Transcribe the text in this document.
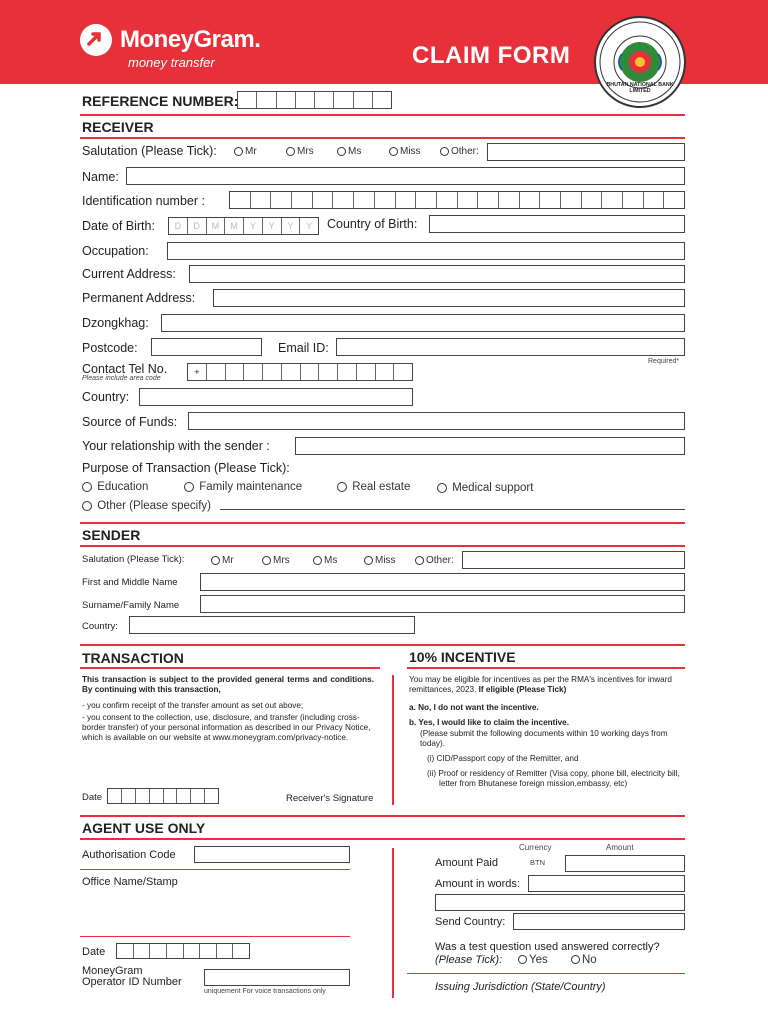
MoneyGram.
money transfer	CLAIM FORM
BHUTAN NATIONAL BANK LIMITED
REFERENCE NUMBER:
RECEIVER
Salutation (Please Tick):	Mr	Mrs	Ms	Miss	Other:
Name:
Identification number :
Date of Birth:	D	D	M	M	Y	Y	Y	Y	Country of Birth:
Occupation:
Current Address:
Permanent Address:
Dzongkhag:
Postcode:	Email ID:
Required*
Contact Tel No.
Please include area code
+
Country:
Source of Funds:
Your relationship with the sender :
Purpose of Transaction (Please Tick):
Education	Family maintenance	Real estate	Medical support
Other (Please specify)
SENDER
Salutation (Please Tick):	Mr	Mrs	Ms	Miss	Other:
First and Middle Name
Surname/Family Name
Country:
TRANSACTION
This transaction is subject to the provided general terms and conditions. By continuing with this transaction,
- you confirm receipt of the transfer amount as set out above;
- you consent to the collection, use, disclosure, and transfer (including cross-border transfer) of your personal information as described in our Privacy Notice, which is available on our website at www.moneygram.com/privacy-notice.
Date	Receiver's Signature
10% INCENTIVE
You may be eligible for incentives as per the RMA's incentives for inward remittances, 2023. If eligible (Please Tick)
a. No, I do not want the incentive.
b. Yes, I would like to claim the incentive.
(Please submit the following documents within 10 working days from today).
(i) CID/Passport copy of the Remitter, and
(ii) Proof or residency of Remitter (Visa copy, phone bill, electricity bill, letter from Bhutanese foreign mission,embassy, etc)
AGENT USE ONLY
Authorisation Code
Office Name/Stamp
Date
MoneyGram
Operator ID Number
uniquement For voice transactions only
Currency	Amount
Amount Paid	BTN
Amount in words:
Send Country:
Was a test question used answered correctly?
(Please Tick):	Yes	No
Issuing Jurisdiction (State/Country)
